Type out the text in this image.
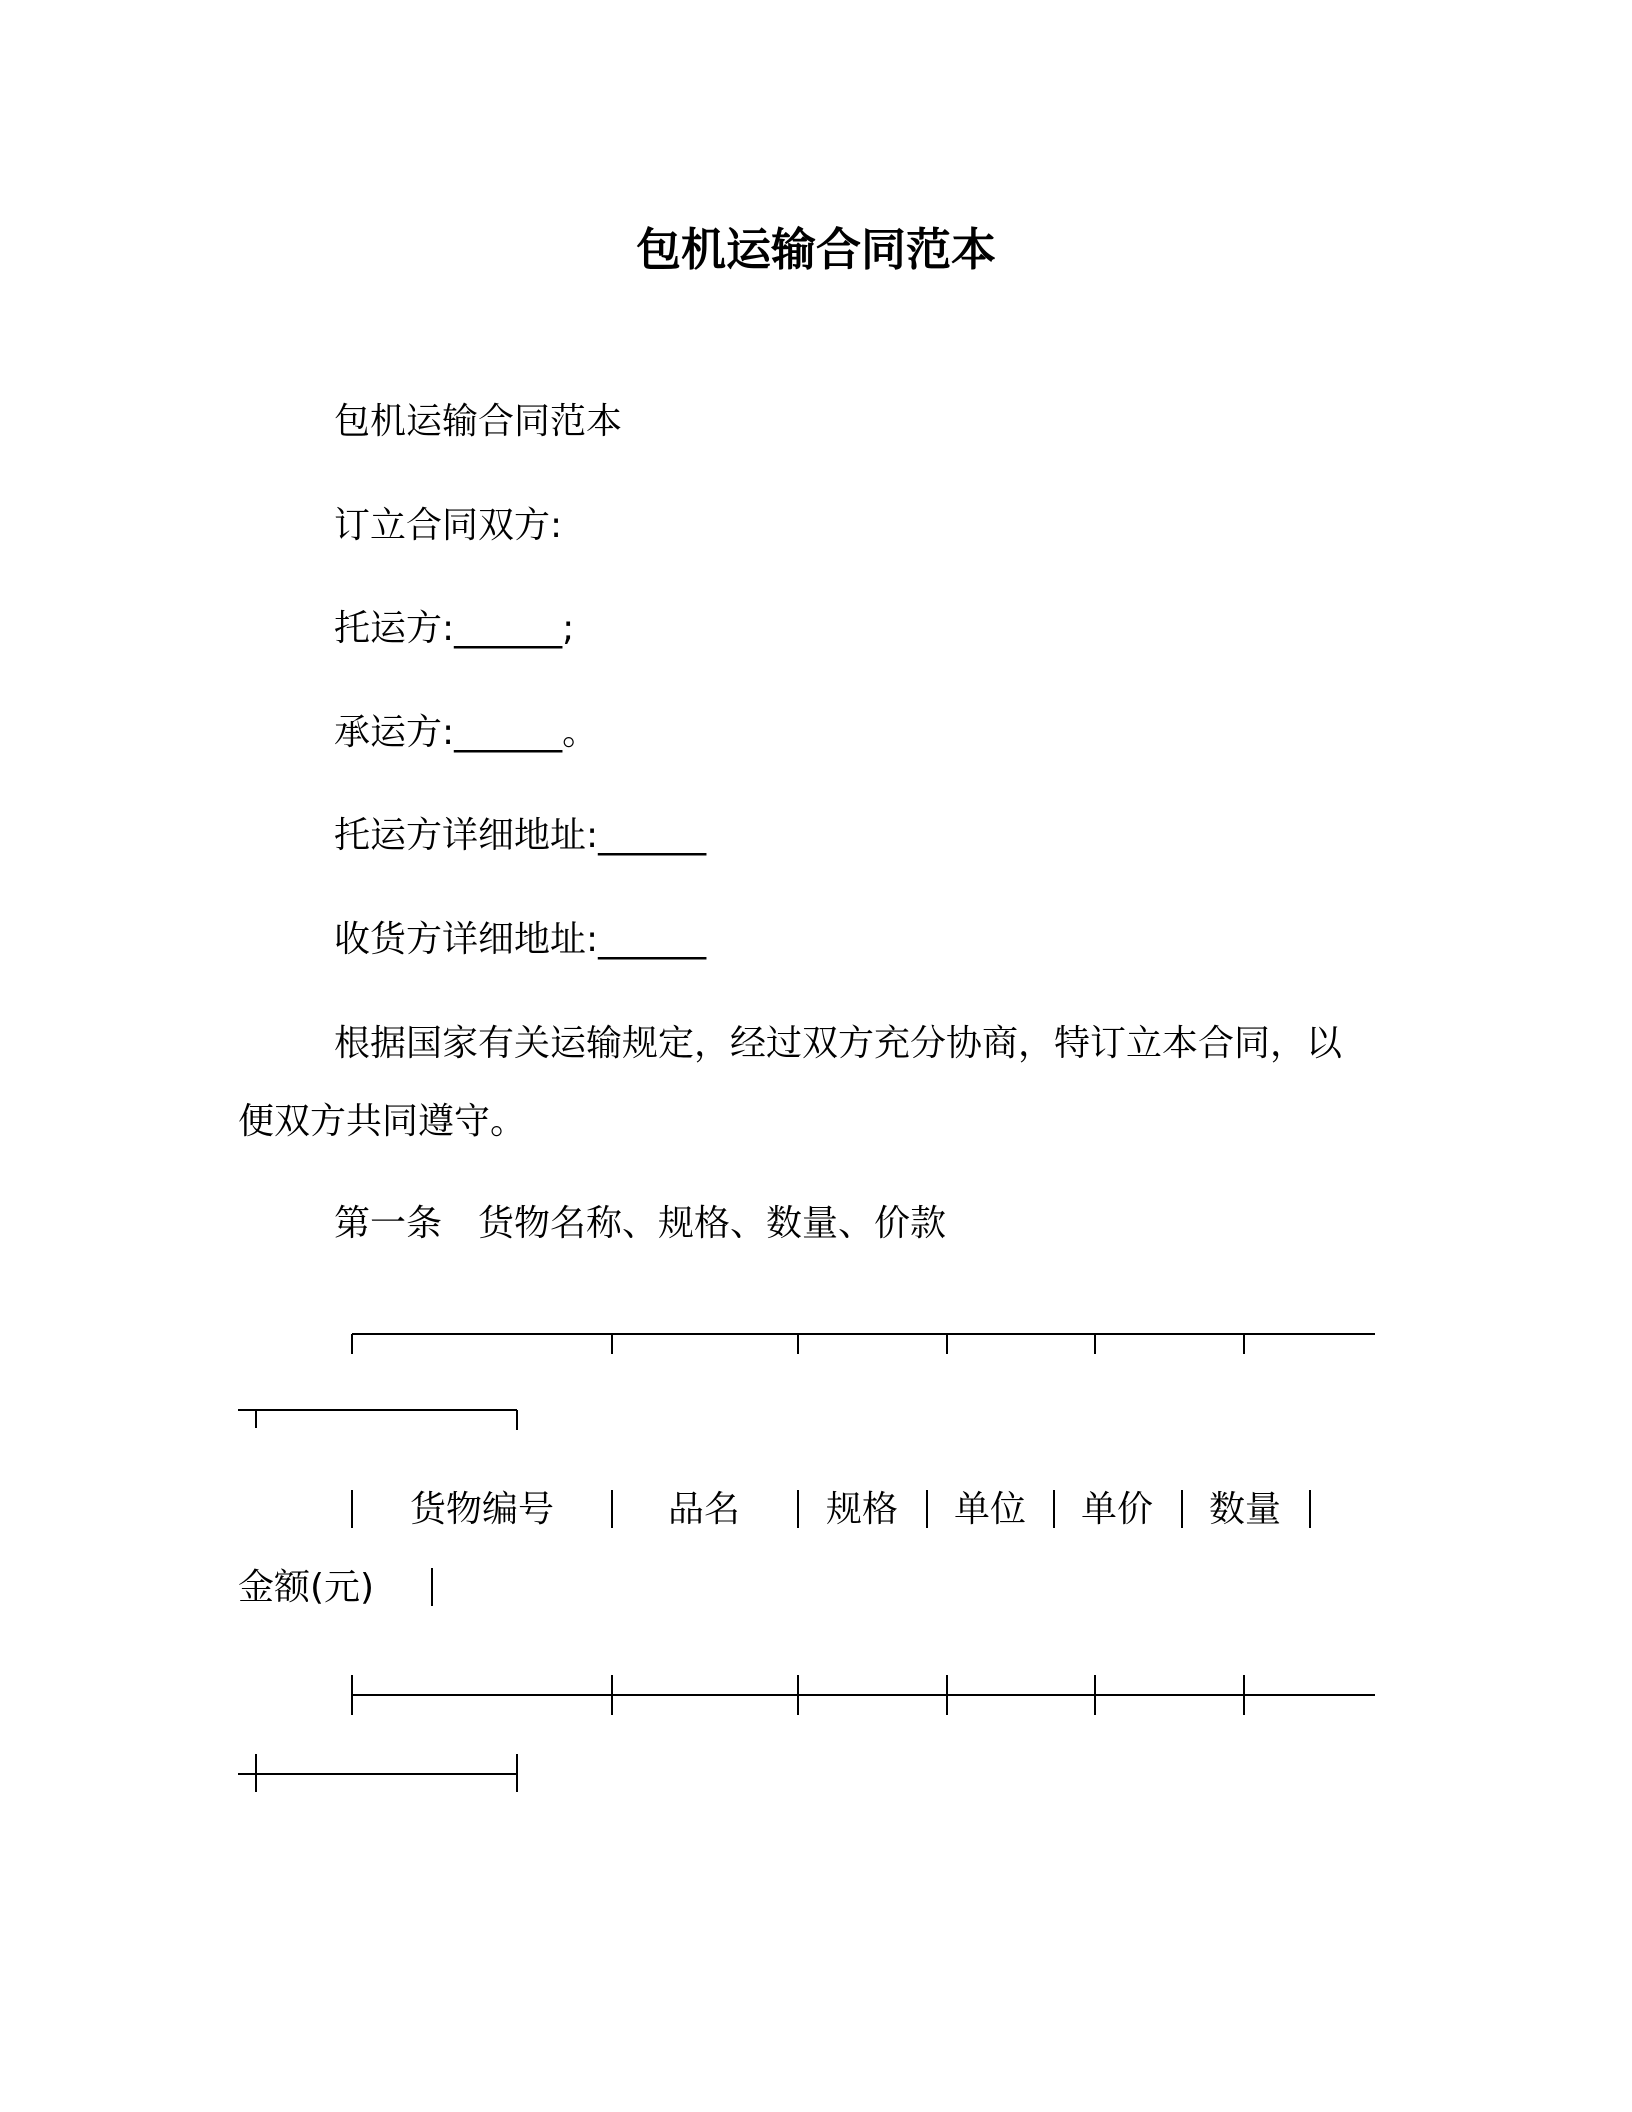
包机运输合同范本
包机运输合同范本
订立合同双方:
托运方:______;
承运方:______。
托运方详细地址:______
收货方详细地址:______
根据国家有关运输规定，经过双方充分协商，特订立本合同，以
便双方共同遵守。
第一条　货物名称、规格、数量、价款
货物编号	品名 规格 单位 单价 数量
金额(元)
